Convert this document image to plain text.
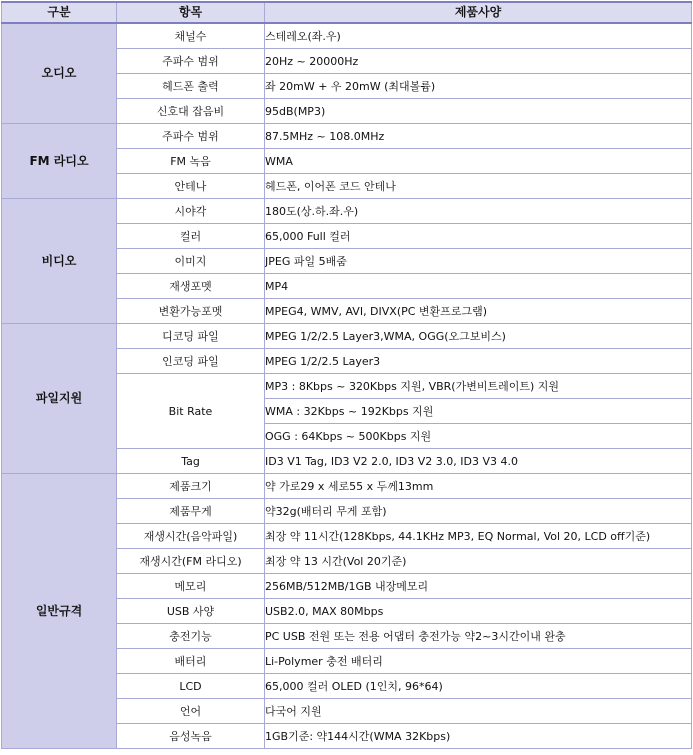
구분	항목	제품사양
오디오	채널수	스테레오(좌.우)
	주파수 범위	20Hz ~ 20000Hz
	헤드폰 출력	좌 20mW + 우 20mW (최대볼륨)
	신호대 잡음비	95dB(MP3)
FM 라디오	주파수 범위	87.5MHz ~ 108.0MHz
	FM 녹음	WMA
	안테나	헤드폰, 이어폰 코드 안테나
비디오	시야각	180도(상.하.좌.우)
	컬러	65,000 Full 컬러
	이미지	JPEG 파일 5배줌
	재생포멧	MP4
	변환가능포멧	MPEG4, WMV, AVI, DIVX(PC 변환프로그램)
파일지원	디코딩 파일	MPEG 1/2/2.5 Layer3,WMA, OGG(오그보비스)
	인코딩 파일	MPEG 1/2/2.5 Layer3
	Bit Rate	MP3 : 8Kbps ~ 320Kbps 지원, VBR(가변비트레이트) 지원
		WMA : 32Kbps ~ 192Kbps 지원
		OGG : 64Kbps ~ 500Kbps 지원
	Tag	ID3 V1 Tag, ID3 V2 2.0, ID3 V2 3.0, ID3 V3 4.0
일반규격	제품크기	약 가로29 x 세로55 x 두께13mm
	제품무게	약32g(배터리 무게 포함)
	재생시간(음악파일)	최장 약 11시간(128Kbps, 44.1KHz MP3, EQ Normal, Vol 20, LCD off기준)
	재생시간(FM 라디오)	최장 약 13 시간(Vol 20기준)
	메모리	256MB/512MB/1GB 내장메모리
	USB 사양	USB2.0, MAX 80Mbps
	충전기능	PC USB 전원 또는 전용 어댑터 충전가능 약2~3시간이내 완충
	배터리	Li-Polymer 충전 배터리
	LCD	65,000 컬러 OLED (1인치, 96*64)
	언어	다국어 지원
	음성녹음	1GB기준: 약144시간(WMA 32Kbps)
